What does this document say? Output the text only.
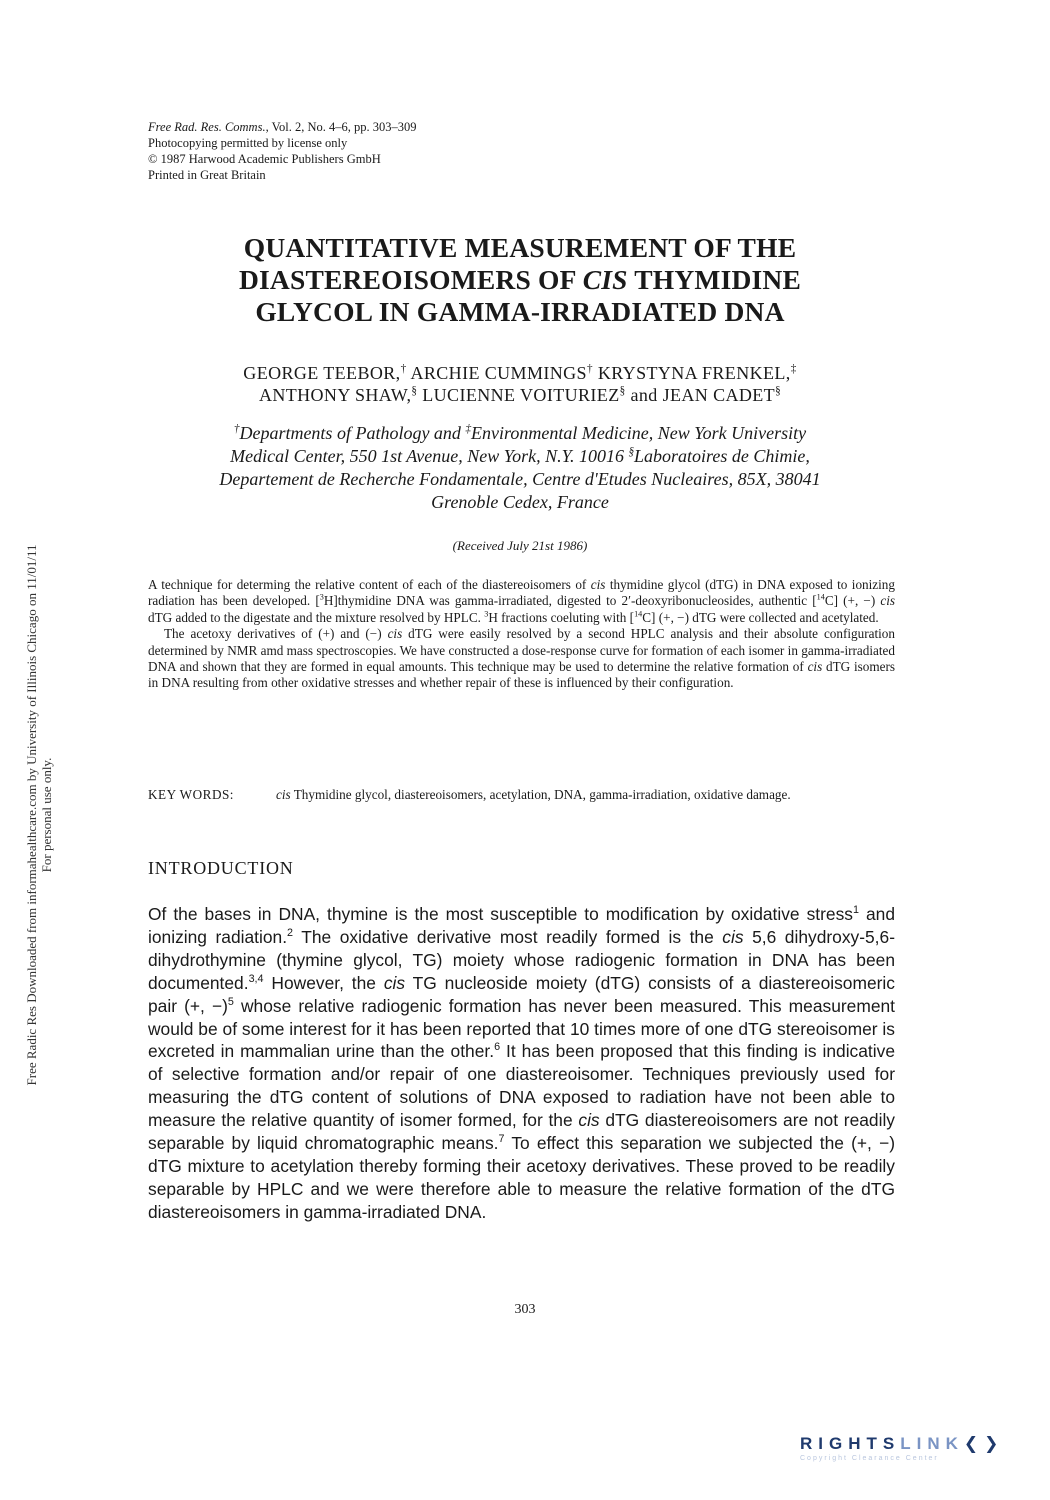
Free Radic Res Downloaded from informahealthcare.com by University of Illinois Chicago on 11/01/11 For personal use only.
Free Rad. Res. Comms., Vol. 2, No. 4–6, pp. 303–309
Photocopying permitted by license only
© 1987 Harwood Academic Publishers GmbH
Printed in Great Britain
QUANTITATIVE MEASUREMENT OF THE
DIASTEREOISOMERS OF CIS THYMIDINE
GLYCOL IN GAMMA-IRRADIATED DNA
GEORGE TEEBOR,† ARCHIE CUMMINGS† KRYSTYNA FRENKEL,‡
ANTHONY SHAW,§ LUCIENNE VOITURIEZ§ and JEAN CADET§
†Departments of Pathology and ‡Environmental Medicine, New York University
Medical Center, 550 1st Avenue, New York, N.Y. 10016 §Laboratoires de Chimie,
Departement de Recherche Fondamentale, Centre d'Etudes Nucleaires, 85X, 38041
Grenoble Cedex, France
(Received July 21st 1986)

A technique for determing the relative content of each of the diastereoisomers of cis thymidine glycol (dTG) in DNA exposed to ionizing radiation has been developed. [$^3$H]thymidine DNA was gamma-irradiated, digested to 2′-deoxyribonucleosides, authentic [$^{14}$C] (+, −) cis dTG added to the digestate and the mixture resolved by HPLC. $^3$H fractions coeluting with [$^{14}$C] (+, −) dTG were collected and acetylated.

The acetoxy derivatives of (+) and (−) cis dTG were easily resolved by a second HPLC analysis and their absolute configuration determined by NMR amd mass spectroscopies. We have constructed a dose-response curve for formation of each isomer in gamma-irradiated DNA and shown that they are formed in equal amounts. This technique may be used to determine the relative formation of cis dTG isomers in DNA resulting from other oxidative stresses and whether repair of these is influenced by their configuration.

KEY WORDS:	cis Thymidine glycol, diastereoisomers, acetylation, DNA, gamma-irradiation, oxidative damage.
INTRODUCTION

Of the bases in DNA, thymine is the most susceptible to modification by oxidative stress$^1$ and ionizing radiation.$^2$ The oxidative derivative most readily formed is the cis 5,6 dihydroxy-5,6-dihydrothymine (thymine glycol, TG) moiety whose radiogenic formation in DNA has been documented.$^{3,4}$ However, the cis TG nucleoside moiety (dTG) consists of a diastereoisomeric pair (+, −)$^5$ whose relative radiogenic formation has never been measured. This measurement would be of some interest for it has been reported that 10 times more of one dTG stereoisomer is excreted in mammalian urine than the other.$^6$ It has been proposed that this finding is indicative of selective formation and/or repair of one diastereoisomer. Techniques previously used for measuring the dTG content of solutions of DNA exposed to radiation have not been able to measure the relative quantity of isomer formed, for the cis dTG diastereoisomers are not readily separable by liquid chromatographic means.$^7$ To effect this separation we subjected the (+, −) dTG mixture to acetylation thereby forming their acetoxy derivatives. These proved to be readily separable by HPLC and we were therefore able to measure the relative formation of the dTG diastereoisomers in gamma-irradiated DNA.

303
RIGHTSLINK❮❯
Copyright Clearance Center
